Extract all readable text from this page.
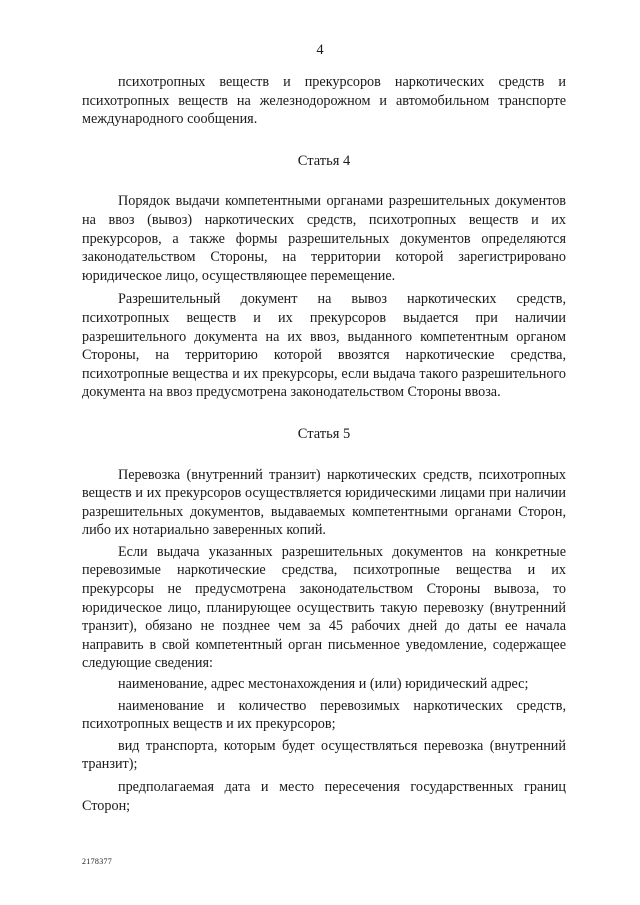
4

психотропных веществ и прекурсоров наркотических средств и психотропных веществ на железнодорожном и автомобильном транспорте международного сообщения.

Статья 4

Порядок выдачи компетентными органами разрешительных документов на ввоз (вывоз) наркотических средств, психотропных веществ и их прекурсоров, а также формы разрешительных документов определяются законодательством Стороны, на территории которой зарегистрировано юридическое лицо, осуществляющее перемещение.

Разрешительный документ на вывоз наркотических средств, психотропных веществ и их прекурсоров выдается при наличии разрешительного документа на их ввоз, выданного компетентным органом Стороны, на территорию которой ввозятся наркотические средства, психотропные вещества и их прекурсоры, если выдача такого разрешительного документа на ввоз предусмотрена законодательством Стороны ввоза.

Статья 5

Перевозка (внутренний транзит) наркотических средств, психотропных веществ и их прекурсоров осуществляется юридическими лицами при наличии разрешительных документов, выдаваемых компетентными органами Сторон, либо их нотариально заверенных копий.

Если выдача указанных разрешительных документов на конкретные перевозимые наркотические средства, психотропные вещества и их прекурсоры не предусмотрена законодательством Стороны вывоза, то юридическое лицо, планирующее осуществить такую перевозку (внутренний транзит), обязано не позднее чем за 45 рабочих дней до даты ее начала направить в свой компетентный орган письменное уведомление, содержащее следующие сведения:

наименование, адрес местонахождения и (или) юридический адрес;

наименование и количество перевозимых наркотических средств, психотропных веществ и их прекурсоров;

вид транспорта, которым будет осуществляться перевозка (внутренний транзит);

предполагаемая дата и место пересечения государственных границ Сторон;

2178377
